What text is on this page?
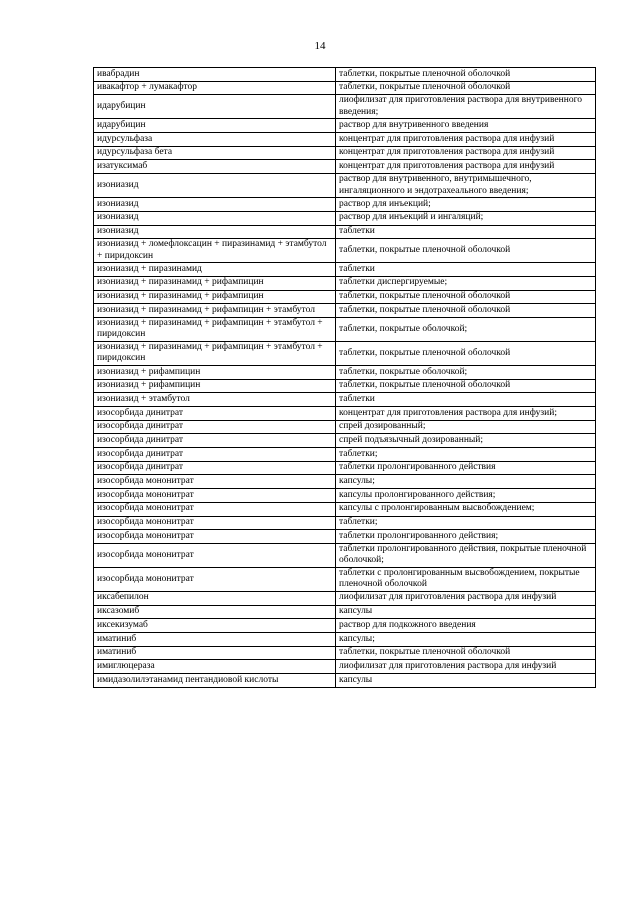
14
ивабрадин	таблетки, покрытые пленочной оболочкой
ивакафтор + лумакафтор	таблетки, покрытые пленочной оболочкой
идарубицин	лиофилизат для приготовления раствора для внутривенного введения;
идарубицин	раствор для внутривенного введения
идурсульфаза	концентрат для приготовления раствора для инфузий
идурсульфаза бета	концентрат для приготовления раствора для инфузий
изатуксимаб	концентрат для приготовления раствора для инфузий
изониазид	раствор для внутривенного, внутримышечного, ингаляционного и эндотрахеального введения;
изониазид	раствор для инъекций;
изониазид	раствор для инъекций и ингаляций;
изониазид	таблетки
изониазид + ломефлоксацин + пиразинамид + этамбутол + пиридоксин	таблетки, покрытые пленочной оболочкой
изониазид + пиразинамид	таблетки
изониазид + пиразинамид + рифампицин	таблетки диспергируемые;
изониазид + пиразинамид + рифампицин	таблетки, покрытые пленочной оболочкой
изониазид + пиразинамид + рифампицин + этамбутол	таблетки, покрытые пленочной оболочкой
изониазид + пиразинамид + рифампицин + этамбутол + пиридоксин	таблетки, покрытые оболочкой;
изониазид + пиразинамид + рифампицин + этамбутол + пиридоксин	таблетки, покрытые пленочной оболочкой
изониазид + рифампицин	таблетки, покрытые оболочкой;
изониазид + рифампицин	таблетки, покрытые пленочной оболочкой
изониазид + этамбутол	таблетки
изосорбида динитрат	концентрат для приготовления раствора для инфузий;
изосорбида динитрат	спрей дозированный;
изосорбида динитрат	спрей подъязычный дозированный;
изосорбида динитрат	таблетки;
изосорбида динитрат	таблетки пролонгированного действия
изосорбида мононитрат	капсулы;
изосорбида мононитрат	капсулы пролонгированного действия;
изосорбида мононитрат	капсулы с пролонгированным высвобождением;
изосорбида мононитрат	таблетки;
изосорбида мононитрат	таблетки пролонгированного действия;
изосорбида мононитрат	таблетки пролонгированного действия, покрытые пленочной оболочкой;
изосорбида мононитрат	таблетки с пролонгированным высвобождением, покрытые пленочной оболочкой
иксабепилон	лиофилизат для приготовления раствора для инфузий
иксазомиб	капсулы
иксекизумаб	раствор для подкожного введения
иматиниб	капсулы;
иматиниб	таблетки, покрытые пленочной оболочкой
имиглюцераза	лиофилизат для приготовления раствора для инфузий
имидазолилэтанамид пентандиовой кислоты	капсулы
